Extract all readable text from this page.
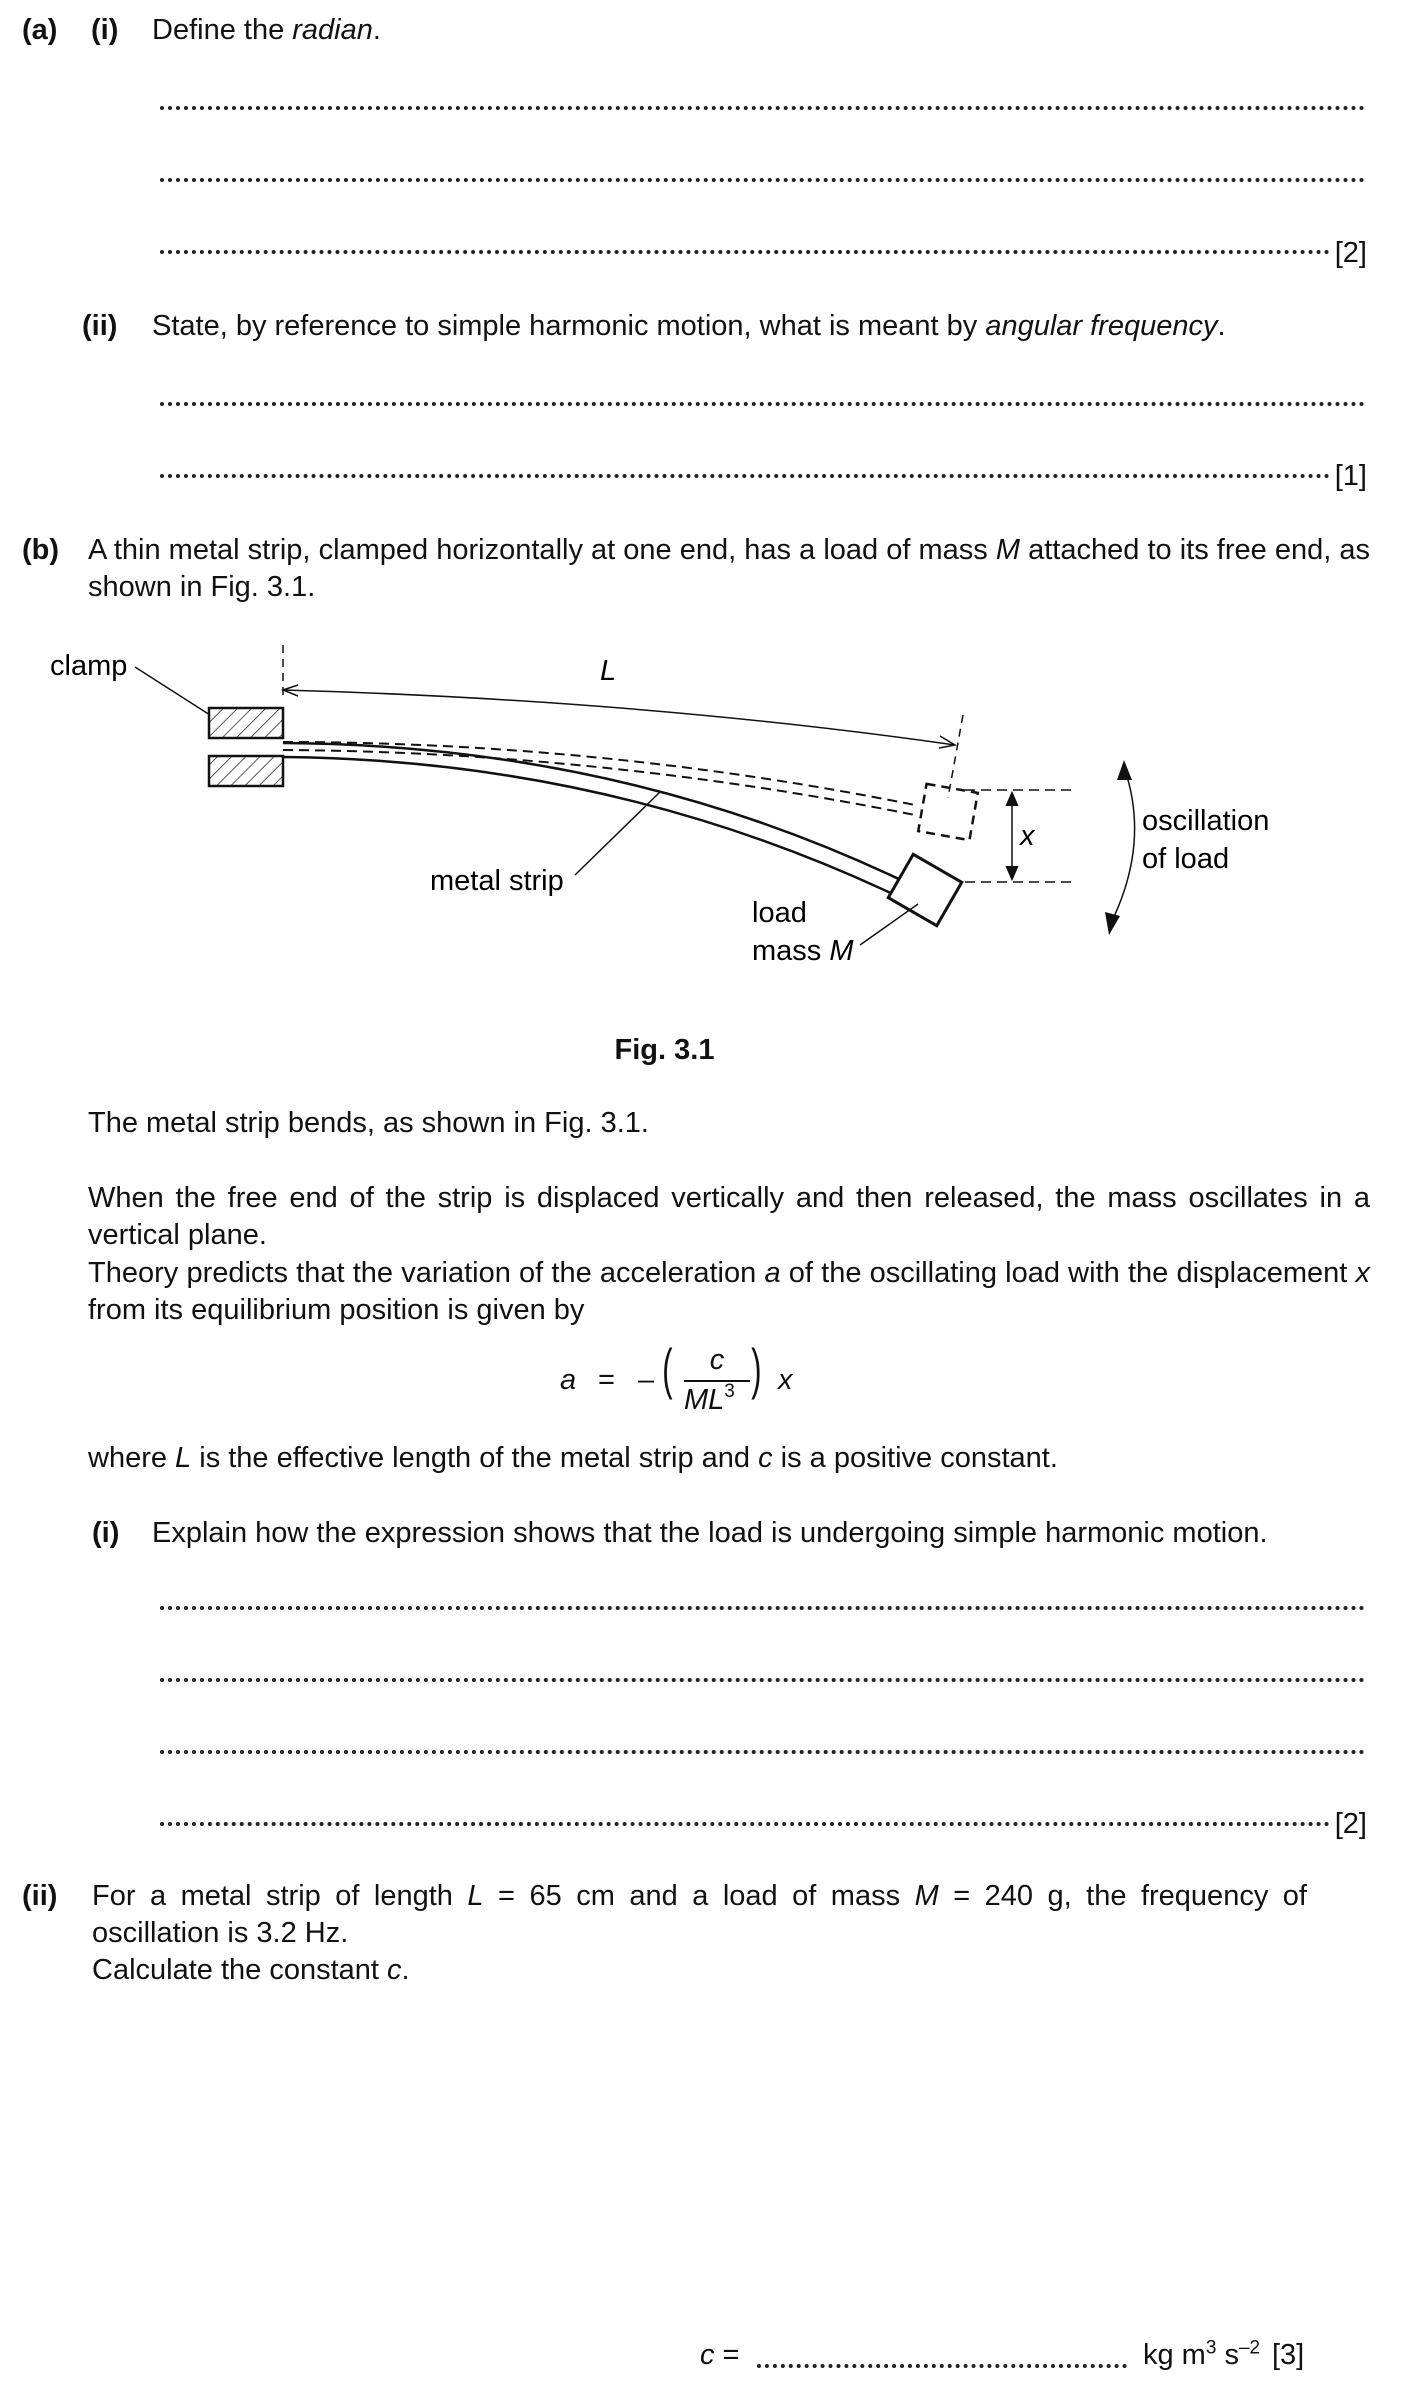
(a) (i) Define the radian.
[2]
(ii) State, by reference to simple harmonic motion, what is meant by angular frequency.
[1]
(b) A thin metal strip, clamped horizontally at one end, has a load of mass M attached to its free end, as shown in Fig. 3.1.
clamp	L
metal strip
load
mass M
x	oscillation
of load
Fig. 3.1
The metal strip bends, as shown in Fig. 3.1.
When the free end of the strip is displaced vertically and then released, the mass oscillates in a vertical plane.
Theory predicts that the variation of the acceleration a of the oscillating load with the displacement x from its equilibrium position is given by
a = – (	c
$ML^3$ ) x
where L is the effective length of the metal strip and c is a positive constant.
(i) Explain how the expression shows that the load is undergoing simple harmonic motion.
[2]
(ii) For a metal strip of length L = 65 cm and a load of mass M = 240 g, the frequency of oscillation is 3.2 Hz.
Calculate the constant c.
c =	kg $m^3$ $s^{-2}$ [3]
